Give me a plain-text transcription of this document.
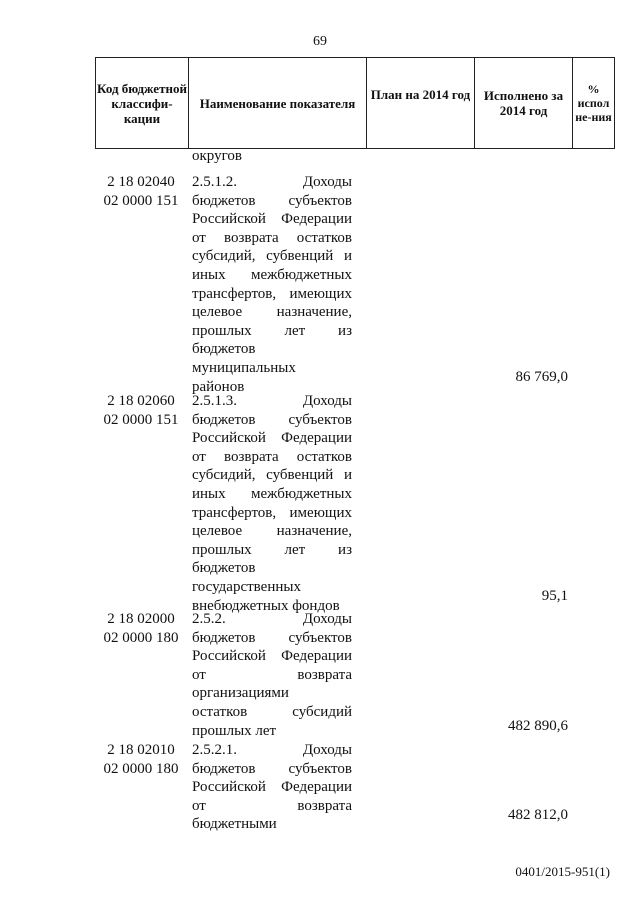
69
Код бюджетной классифи-кации
Наименование показателя
План на 2014 год	Исполнено за 2014 год
% испол не-ния
округов
2 18 02040
02 0000 151
2.5.1.2. Доходы
бюджетов субъектов
Российской Федерации
от возврата остатков
субсидий, субвенций и
иных межбюджетных
трансфертов, имеющих
целевое назначение,
прошлых лет из
бюджетов
муниципальных
районов
86 769,0
2 18 02060
02 0000 151
2.5.1.3. Доходы
бюджетов субъектов
Российской Федерации
от возврата остатков
субсидий, субвенций и
иных межбюджетных
трансфертов, имеющих
целевое назначение,
прошлых лет из
бюджетов
государственных
внебюджетных фондов
95,1
2 18 02000
02 0000 180
2.5.2. Доходы
бюджетов субъектов
Российской Федерации
от возврата
организациями
остатков субсидий
прошлых лет	482 890,6
2 18 02010
02 0000 180
2.5.2.1. Доходы
бюджетов субъектов
Российской Федерации
от возврата
бюджетными
482 812,0
0401/2015-951(1)
